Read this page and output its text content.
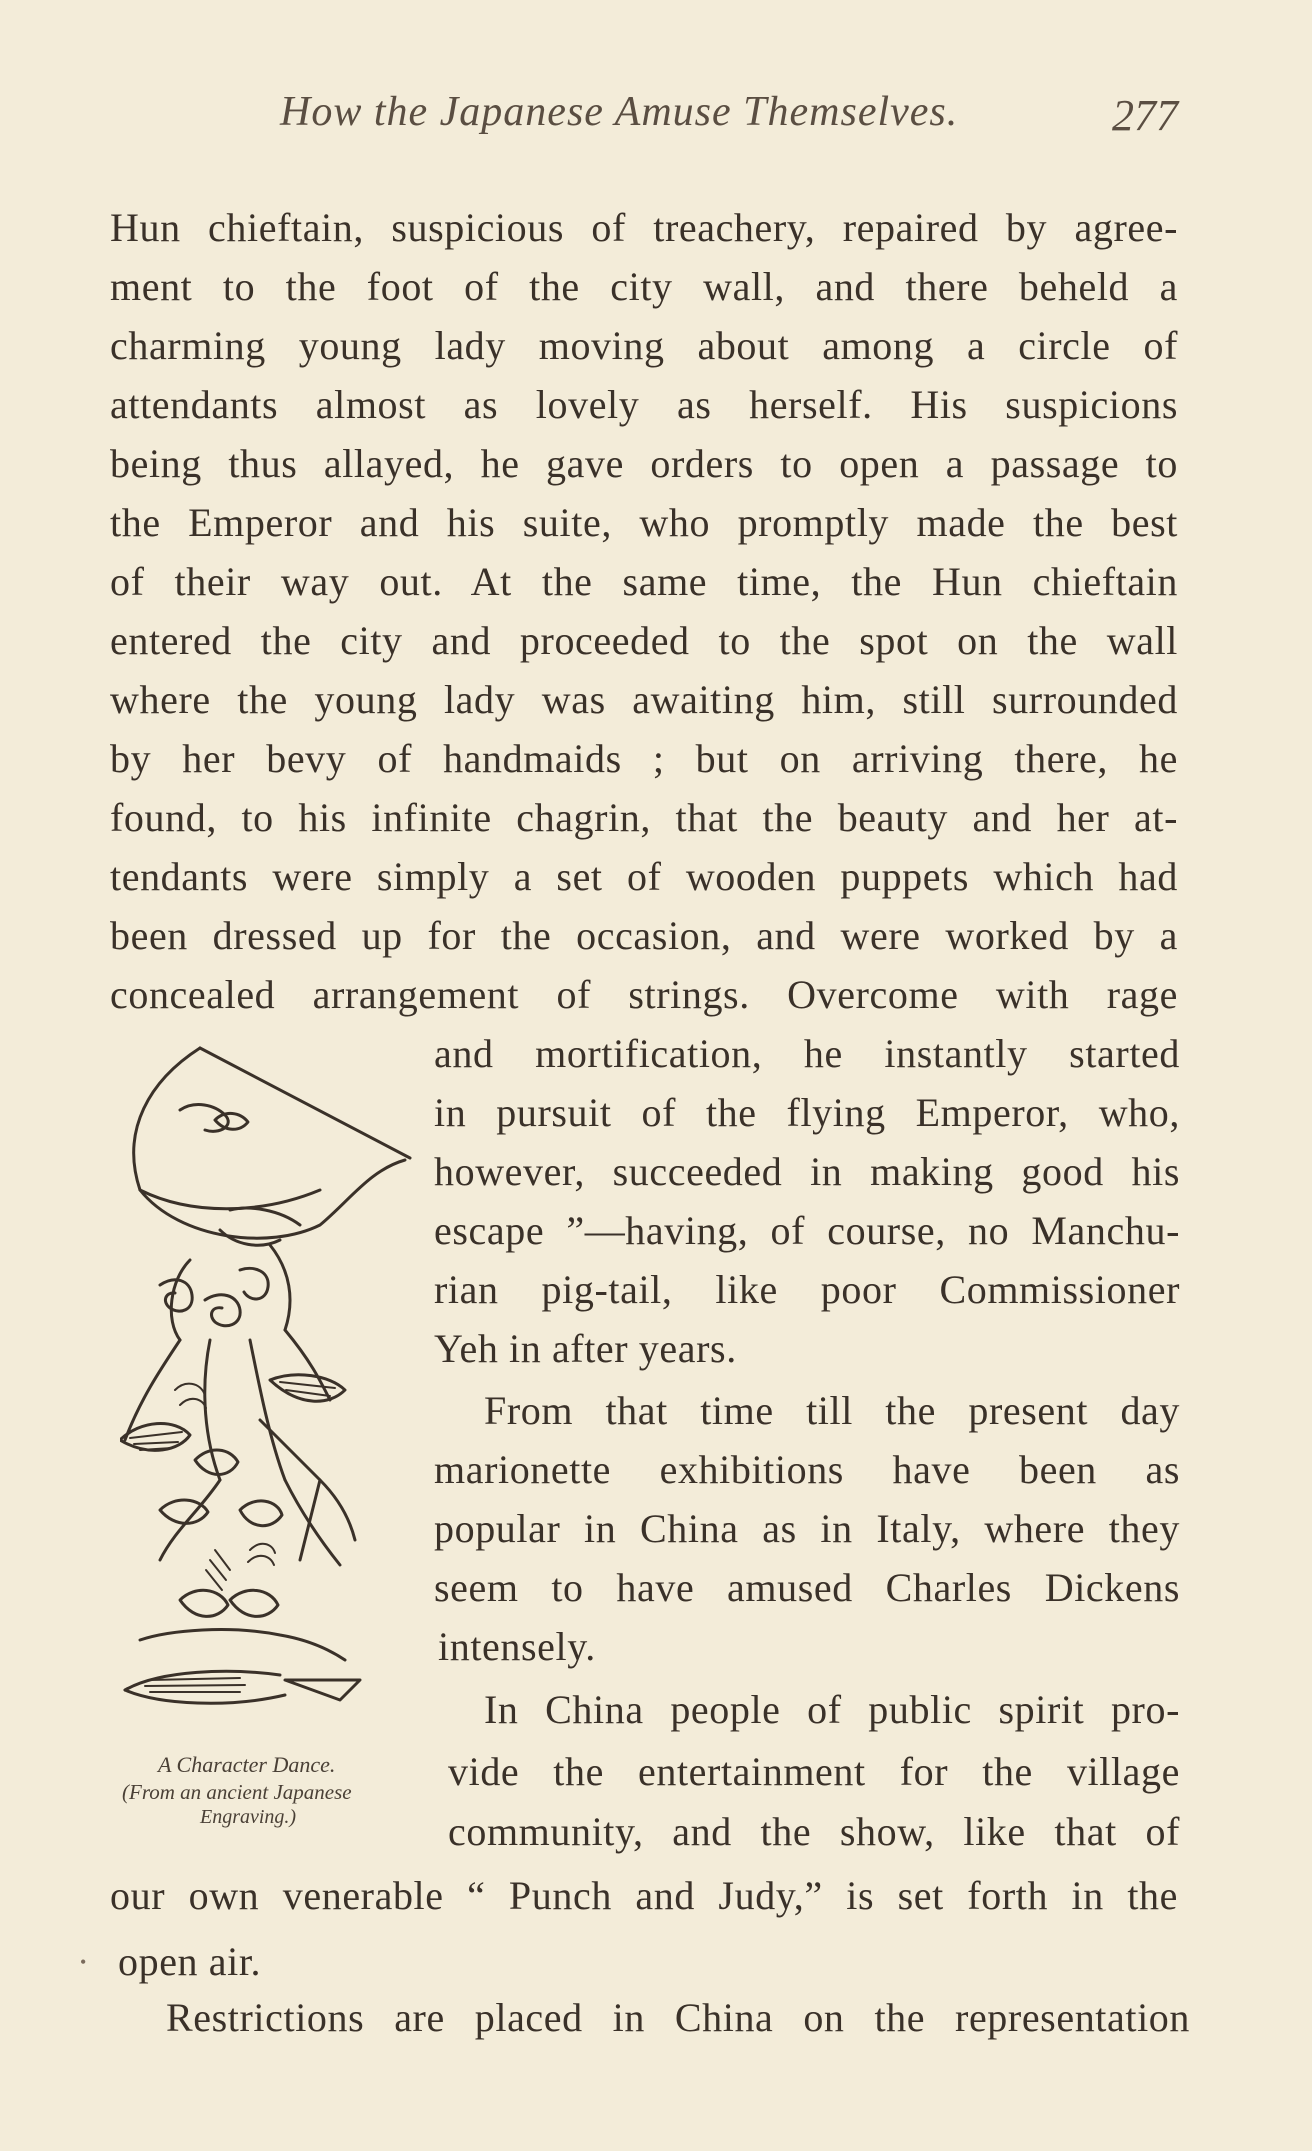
How the Japanese Amuse Themselves.	277
Hun chieftain, suspicious of treachery, repaired by agree-
ment to the foot of the city wall, and there beheld a
charming young lady moving about among a circle of
attendants almost as lovely as herself. His suspicions
being thus allayed, he gave orders to open a passage to
the Emperor and his suite, who promptly made the best
of their way out. At the same time, the Hun chieftain
entered the city and proceeded to the spot on the wall
where the young lady was awaiting him, still surrounded
by her bevy of handmaids ; but on arriving there, he
found, to his infinite chagrin, that the beauty and her at-
tendants were simply a set of wooden puppets which had
been dressed up for the occasion, and were worked by a
concealed arrangement of strings. Overcome with rage
and mortification, he instantly started
in pursuit of the flying Emperor, who,
however, succeeded in making good his
escape ”—having, of course, no Manchu-
rian pig-tail, like poor Commissioner
Yeh in after years.
From that time till the present day
marionette exhibitions have been as
popular in China as in Italy, where they
seem to have amused Charles Dickens
intensely.
In China people of public spirit pro-
vide the entertainment for the village
community, and the show, like that of
our own venerable “ Punch and Judy,” is set forth in the
open air.
Restrictions are placed in China on the representation
A Character Dance.
(From an ancient Japanese
Engraving.)
•
